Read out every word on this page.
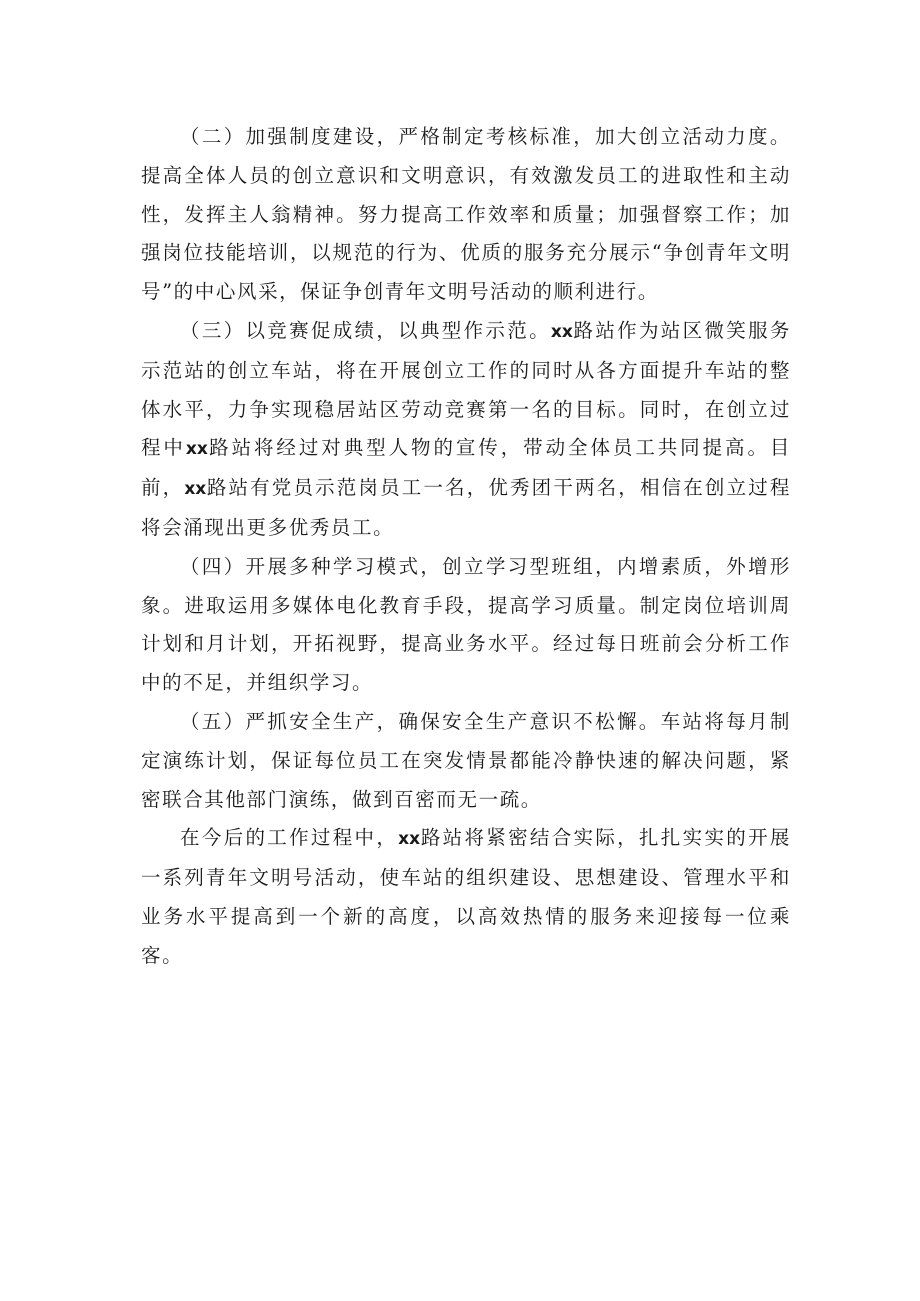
（二）加强制度建设，严格制定考核标准，加大创立活动力度。提高全体人员的创立意识和文明意识，有效激发员工的进取性和主动性，发挥主人翁精神。努力提高工作效率和质量；加强督察工作；加强岗位技能培训，以规范的行为、优质的服务充分展示“争创青年文明号”的中心风采，保证争创青年文明号活动的顺利进行。

（三）以竞赛促成绩，以典型作示范。xx路站作为站区微笑服务示范站的创立车站，将在开展创立工作的同时从各方面提升车站的整体水平，力争实现稳居站区劳动竞赛第一名的目标。同时，在创立过程中xx路站将经过对典型人物的宣传，带动全体员工共同提高。目前，xx路站有党员示范岗员工一名，优秀团干两名，相信在创立过程将会涌现出更多优秀员工。

（四）开展多种学习模式，创立学习型班组，内增素质，外增形象。进取运用多媒体电化教育手段，提高学习质量。制定岗位培训周计划和月计划，开拓视野，提高业务水平。经过每日班前会分析工作中的不足，并组织学习。

（五）严抓安全生产，确保安全生产意识不松懈。车站将每月制定演练计划，保证每位员工在突发情景都能冷静快速的解决问题，紧密联合其他部门演练，做到百密而无一疏。

在今后的工作过程中，xx路站将紧密结合实际，扎扎实实的开展一系列青年文明号活动，使车站的组织建设、思想建设、管理水平和业务水平提高到一个新的高度，以高效热情的服务来迎接每一位乘客。
